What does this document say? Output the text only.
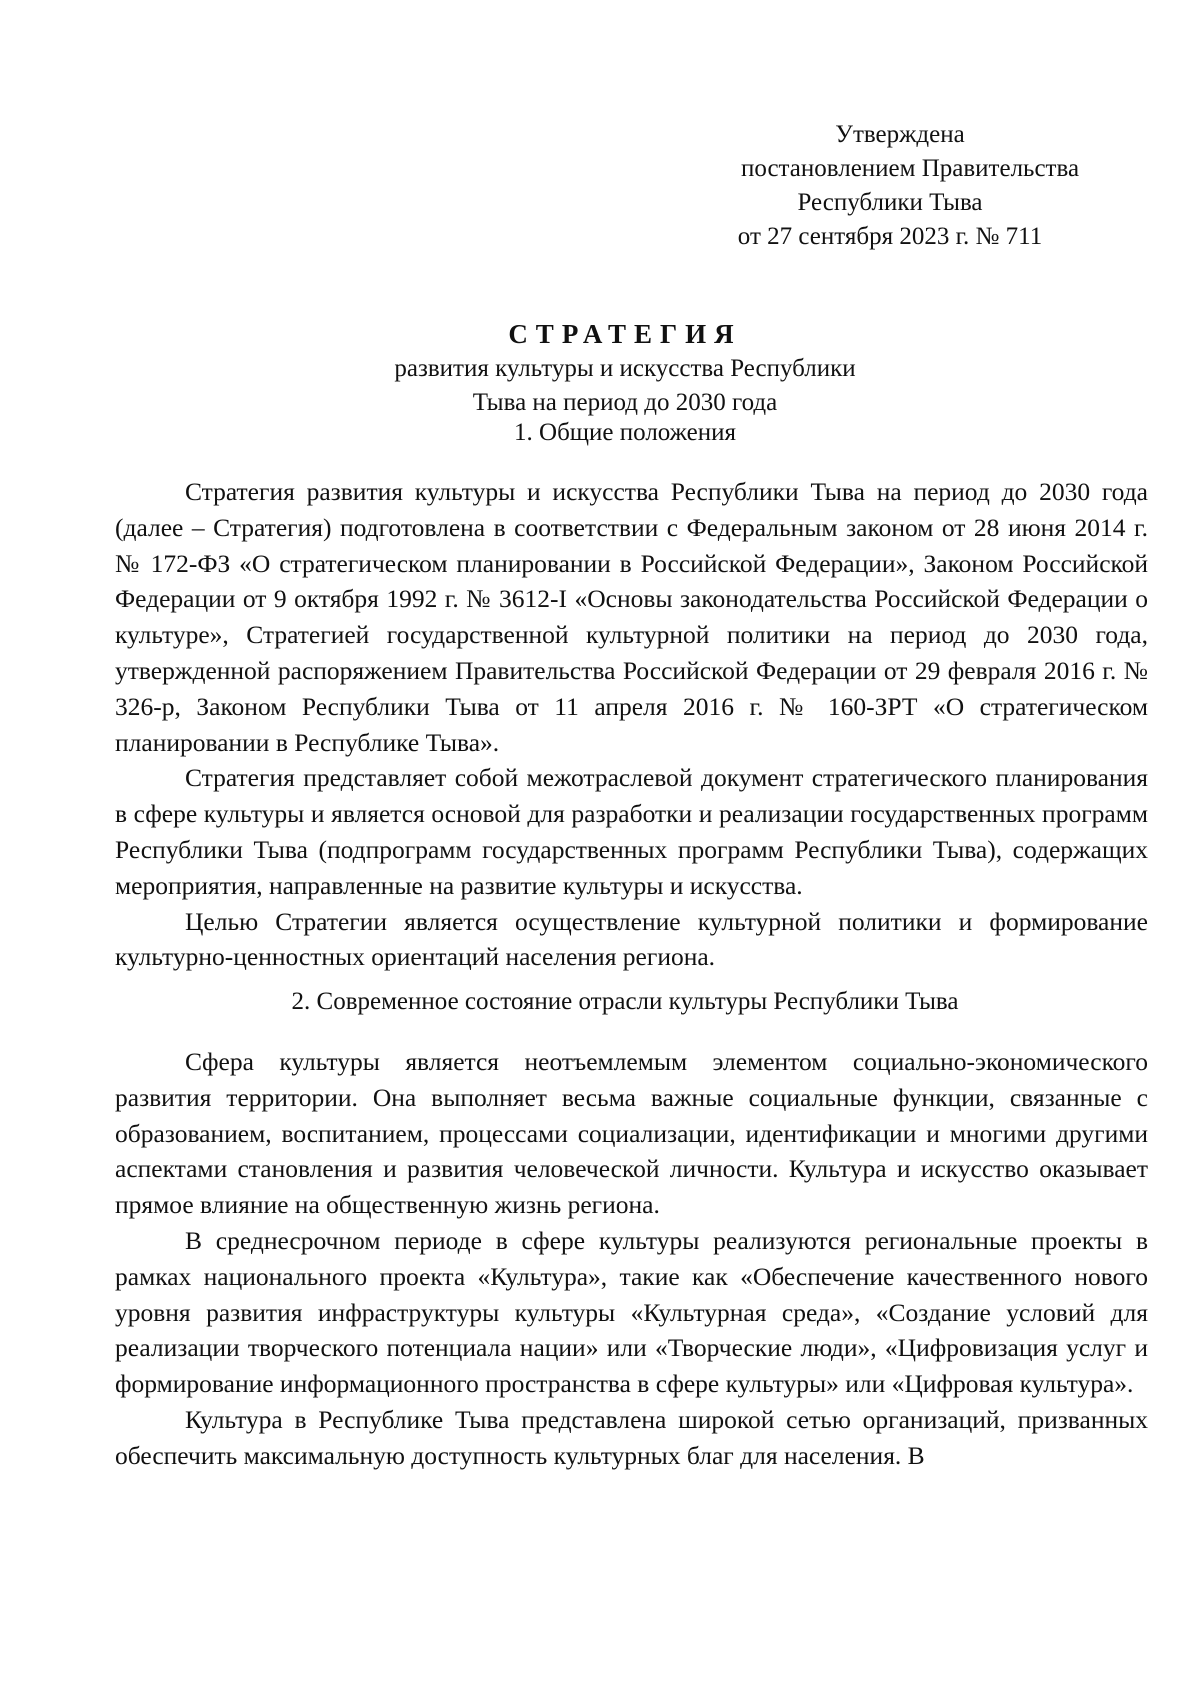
Утверждена
постановлением Правительства
Республики Тыва
от 27 сентября 2023 г. № 711
СТРАТЕГИЯ
развития культуры и искусства Республики
Тыва на период до 2030 года
1. Общие положения

Стратегия развития культуры и искусства Республики Тыва на период до 2030 года (далее – Стратегия) подготовлена в соответствии с Федеральным законом от 28 июня 2014 г. № 172-ФЗ «О стратегическом планировании в Российской Федерации», Законом Российской Федерации от 9 октября 1992 г. № 3612-I «Основы законодательства Российской Федерации о культуре», Стратегией государственной культурной политики на период до 2030 года, утвержденной распоряжением Правительства Российской Федерации от 29 февраля 2016 г. № 326-р, Законом Республики Тыва от 11 апреля 2016 г. № 160-ЗРТ «О стратегическом планировании в Республике Тыва».

Стратегия представляет собой межотраслевой документ стратегического планирования в сфере культуры и является основой для разработки и реализации государственных программ Республики Тыва (подпрограмм государственных программ Республики Тыва), содержащих мероприятия, направленные на развитие культуры и искусства.

Целью Стратегии является осуществление культурной политики и формирование культурно-ценностных ориентаций населения региона.

2. Современное состояние отрасли культуры Республики Тыва

Сфера культуры является неотъемлемым элементом социально-экономического развития территории. Она выполняет весьма важные социальные функции, связанные с образованием, воспитанием, процессами социализации, идентификации и многими другими аспектами становления и развития человеческой личности. Культура и искусство оказывает прямое влияние на общественную жизнь региона.

В среднесрочном периоде в сфере культуры реализуются региональные проекты в рамках национального проекта «Культура», такие как «Обеспечение качественного нового уровня развития инфраструктуры культуры «Культурная среда», «Создание условий для реализации творческого потенциала нации» или «Творческие люди», «Цифровизация услуг и формирование информационного пространства в сфере культуры» или «Цифровая культура».

Культура в Республике Тыва представлена широкой сетью организаций, призванных обеспечить максимальную доступность культурных благ для населения. В
